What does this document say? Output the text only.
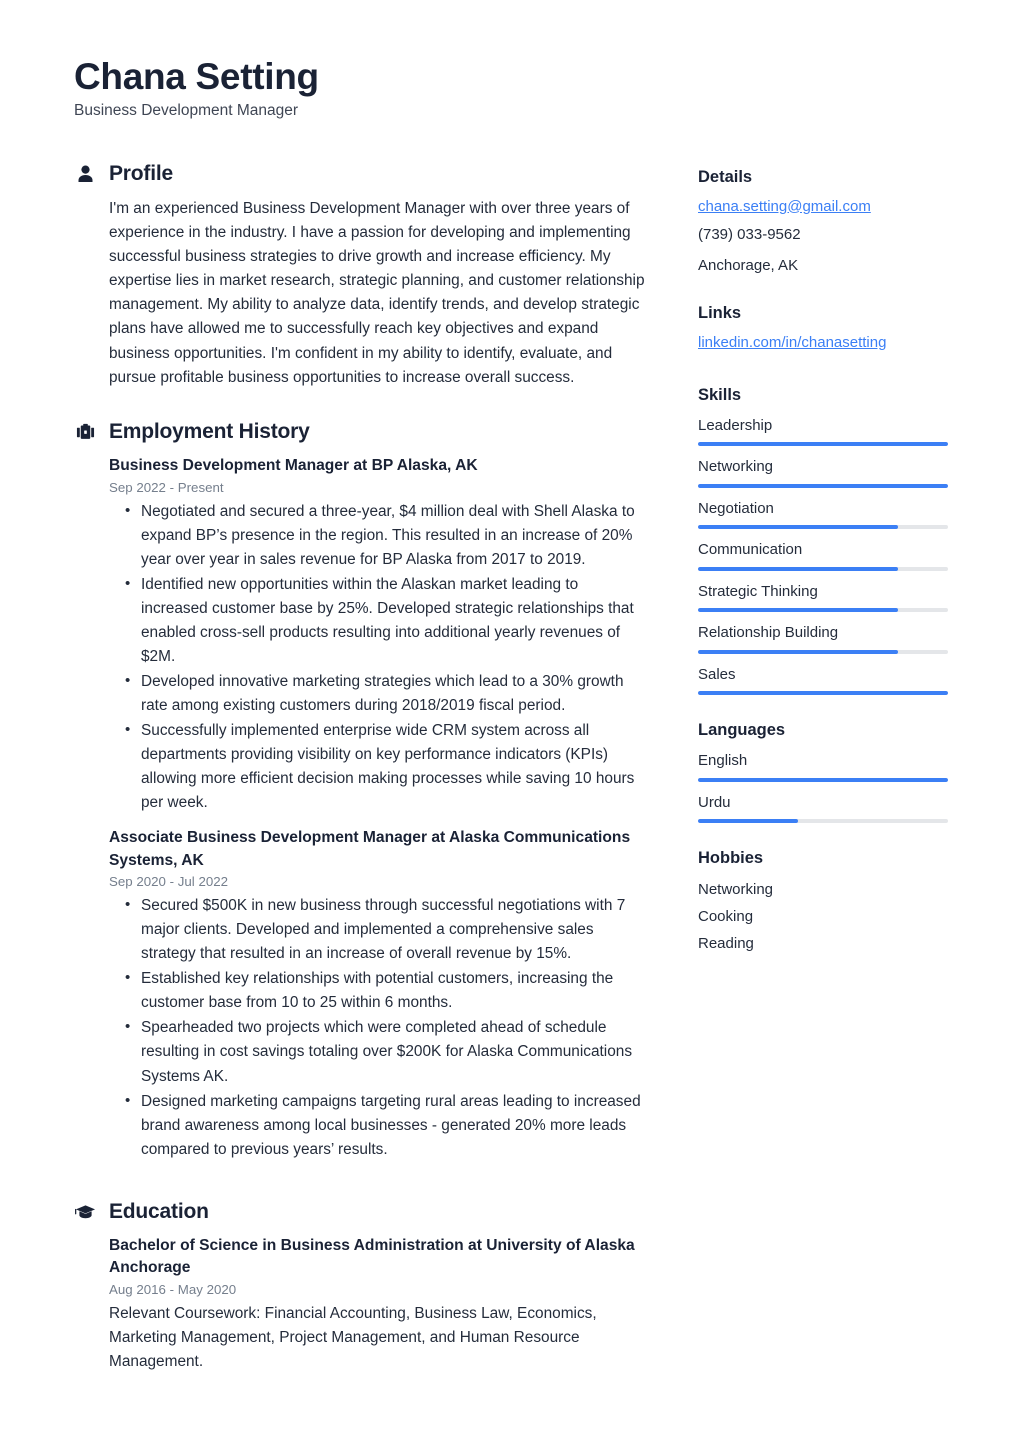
Chana Setting
Business Development Manager
Profile

I'm an experienced Business Development Manager with over three years of experience in the industry. I have a passion for developing and implementing successful business strategies to drive growth and increase efficiency. My expertise lies in market research, strategic planning, and customer relationship management. My ability to analyze data, identify trends, and develop strategic plans have allowed me to successfully reach key objectives and expand business opportunities. I'm confident in my ability to identify, evaluate, and pursue profitable business opportunities to increase overall success.

Employment History
Business Development Manager at BP Alaska, AK
Sep 2022 - Present
• Negotiated and secured a three-year, $4 million deal with Shell Alaska to expand BP’s presence in the region. This resulted in an increase of 20% year over year in sales revenue for BP Alaska from 2017 to 2019.
• Identified new opportunities within the Alaskan market leading to increased customer base by 25%. Developed strategic relationships that enabled cross-sell products resulting into additional yearly revenues of $2M.
• Developed innovative marketing strategies which lead to a 30% growth rate among existing customers during 2018/2019 fiscal period.
• Successfully implemented enterprise wide CRM system across all departments providing visibility on key performance indicators (KPIs) allowing more efficient decision making processes while saving 10 hours per week.
Associate Business Development Manager at Alaska Communications Systems, AK
Sep 2020 - Jul 2022
• Secured $500K in new business through successful negotiations with 7 major clients. Developed and implemented a comprehensive sales strategy that resulted in an increase of overall revenue by 15%.
• Established key relationships with potential customers, increasing the customer base from 10 to 25 within 6 months.
• Spearheaded two projects which were completed ahead of schedule resulting in cost savings totaling over $200K for Alaska Communications Systems AK.
• Designed marketing campaigns targeting rural areas leading to increased brand awareness among local businesses - generated 20% more leads compared to previous years’ results.
Education
Bachelor of Science in Business Administration at University of Alaska Anchorage
Aug 2016 - May 2020
Relevant Coursework: Financial Accounting, Business Law, Economics, Marketing Management, Project Management, and Human Resource Management.
Details
chana.setting@gmail.com
(739) 033-9562
Anchorage, AK
Links
linkedin.com/in/chanasetting
Skills
Leadership
Networking
Negotiation
Communication
Strategic Thinking
Relationship Building
Sales
Languages
English
Urdu
Hobbies
Networking
Cooking
Reading
